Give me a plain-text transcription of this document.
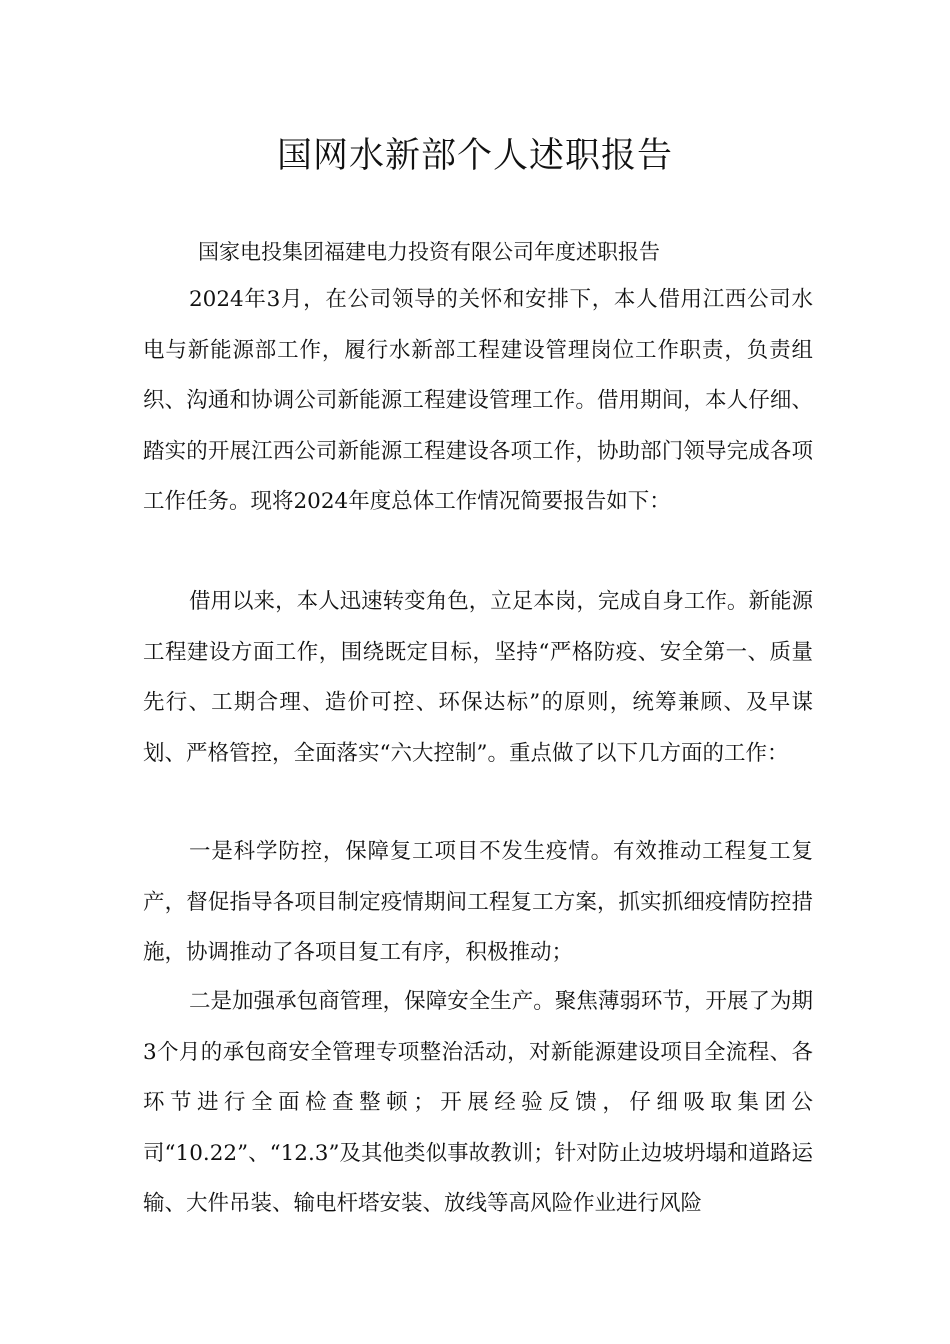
国网水新部个人述职报告

国家电投集团福建电力投资有限公司年度述职报告

2024年3月，在公司领导的关怀和安排下，本人借用江西公司水电与新能源部工作，履行水新部工程建设管理岗位工作职责，负责组织、沟通和协调公司新能源工程建设管理工作。借用期间，本人仔细、踏实的开展江西公司新能源工程建设各项工作，协助部门领导完成各项工作任务。现将2024年度总体工作情况简要报告如下：

借用以来，本人迅速转变角色，立足本岗，完成自身工作。新能源工程建设方面工作，围绕既定目标，坚持“严格防疫、安全第一、质量先行、工期合理、造价可控、环保达标”的原则，统筹兼顾、及早谋划、严格管控，全面落实“六大控制”。重点做了以下几方面的工作：

一是科学防控，保障复工项目不发生疫情。有效推动工程复工复产，督促指导各项目制定疫情期间工程复工方案，抓实抓细疫情防控措施，协调推动了各项目复工有序，积极推动；

二是加强承包商管理，保障安全生产。聚焦薄弱环节，开展了为期3个月的承包商安全管理专项整治活动，对新能源建设项目全流程、各环节进行全面检查整顿；开展经验反馈，仔细吸取集团公司“10.22”、“12.3”及其他类似事故教训；针对防止边坡坍塌和道路运输、大件吊装、输电杆塔安装、放线等高风险作业进行风险
